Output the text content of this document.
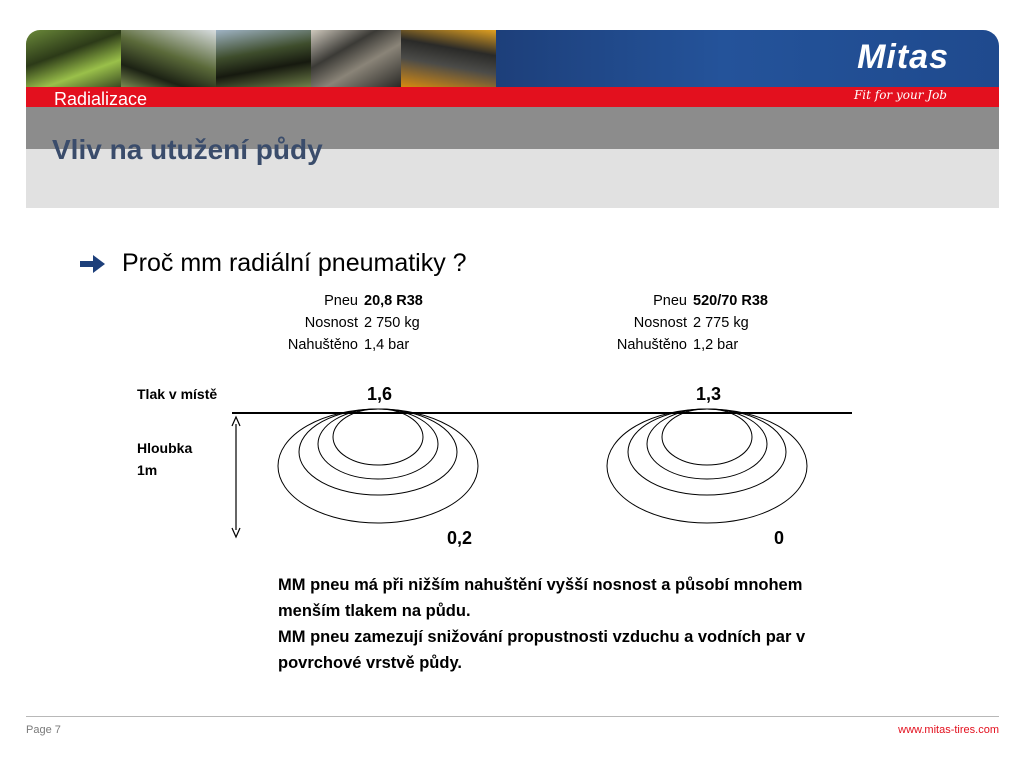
Mitas
Fit for your Job
Radializace
Vliv na utužení půdy
Proč mm radiální pneumatiky ?
Pneu 20,8 R38
Nosnost 2 750 kg
Nahuštěno 1,4 bar
Pneu 520/70 R38
Nosnost 2 775 kg
Nahuštěno 1,2 bar
Tlak v místě
Hloubka
1m
1,6	1,3
0,2	0

MM pneu má při nižším nahuštění vyšší nosnost a působí mnohem menším tlakem na půdu.

MM pneu zamezují snižování propustnosti vzduchu a vodních par v povrchové vrstvě půdy.

Page 7	www.mitas-tires.com
